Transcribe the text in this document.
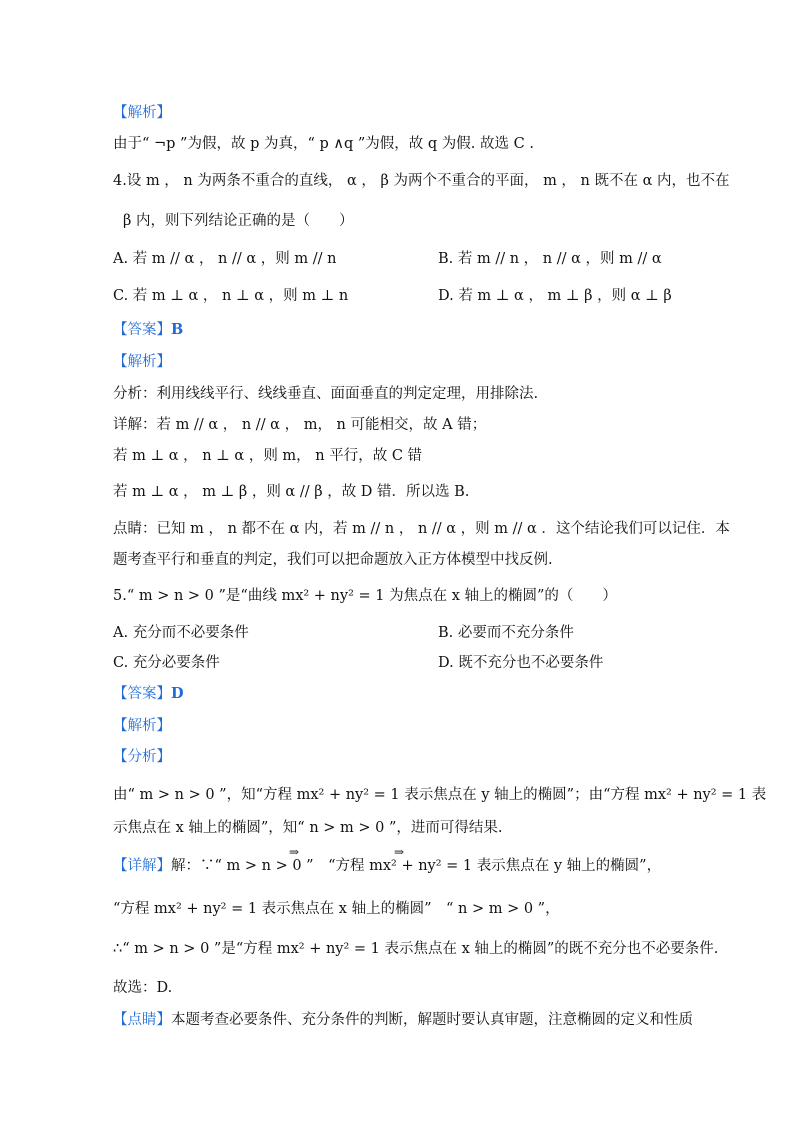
【解析】
由于“ ¬p ”为假，故 p 为真，“ p ∧q ”为假，故 q 为假. 故选 C .
4.设 m ， n 为两条不重合的直线， α ， β 为两个不重合的平面， m ， n 既不在 α 内，也不在
β 内，则下列结论正确的是（　　）
A. 若 m // α ， n // α ，则 m // n	B. 若 m // n ， n // α ，则 m // α
C. 若 m ⊥ α ， n ⊥ α ，则 m ⊥ n	D. 若 m ⊥ α ， m ⊥ β ，则 α ⊥ β
【答案】B
【解析】
分析：利用线线平行、线线垂直、面面垂直的判定定理，用排除法.
详解：若 m // α ， n // α ， m， n 可能相交，故 A 错；
若 m ⊥ α ， n ⊥ α ，则 m， n 平行，故 C 错
若 m ⊥ α ， m ⊥ β ，则 α // β ，故 D 错．所以选 B.
点睛：已知 m ， n 都不在 α 内，若 m // n ， n // α ，则 m // α ．这个结论我们可以记住．本
题考查平行和垂直的判定，我们可以把命题放入正方体模型中找反例.
5.“ m > n > 0 ”是“曲线 mx² + ny² = 1 为焦点在 x 轴上的椭圆”的（　　）
A. 充分而不必要条件	B. 必要而不充分条件
C. 充分必要条件	D. 既不充分也不必要条件
【答案】D
【解析】
【分析】
由“ m > n > 0 ”，知“方程 mx² + ny² = 1 表示焦点在 y 轴上的椭圆”；由“方程 mx² + ny² = 1 表
示焦点在 x 轴上的椭圆”，知“ n > m > 0 ”，进而可得结果.
【详解】解：∵“ m > n > 0 ”　“方程 mx² + ny² = 1 表示焦点在 y 轴上的椭圆”，
⇒	⇒
“方程 mx² + ny² = 1 表示焦点在 x 轴上的椭圆”　“ n > m > 0 ”，
∴“ m > n > 0 ”是“方程 mx² + ny² = 1 表示焦点在 x 轴上的椭圆”的既不充分也不必要条件.
故选：D.
【点睛】本题考查必要条件、充分条件的判断，解题时要认真审题，注意椭圆的定义和性质
